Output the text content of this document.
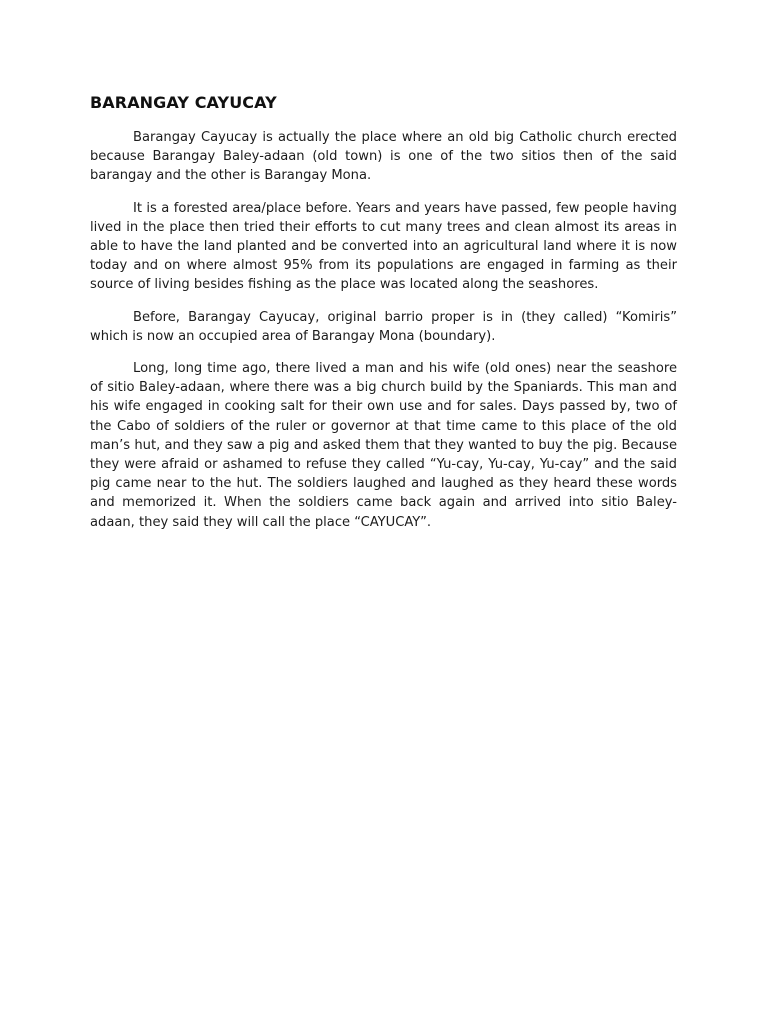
BARANGAY CAYUCAY

Barangay Cayucay is actually the place where an old big Catholic church erected because Barangay Baley-adaan (old town) is one of the two sitios then of the said barangay and the other is Barangay Mona.

It is a forested area/place before. Years and years have passed, few people having lived in the place then tried their efforts to cut many trees and clean almost its areas in able to have the land planted and be converted into an agricultural land where it is now today and on where almost 95% from its populations are engaged in farming as their source of living besides fishing as the place was located along the seashores.

Before, Barangay Cayucay, original barrio proper is in (they called) “Komiris” which is now an occupied area of Barangay Mona (boundary).

Long, long time ago, there lived a man and his wife (old ones) near the seashore of sitio Baley-adaan, where there was a big church build by the Spaniards. This man and his wife engaged in cooking salt for their own use and for sales. Days passed by, two of the Cabo of soldiers of the ruler or governor at that time came to this place of the old man’s hut, and they saw a pig and asked them that they wanted to buy the pig. Because they were afraid or ashamed to refuse they called “Yu-cay, Yu-cay, Yu-cay” and the said pig came near to the hut. The soldiers laughed and laughed as they heard these words and memorized it. When the soldiers came back again and arrived into sitio Baley-adaan, they said they will call the place “CAYUCAY”.
